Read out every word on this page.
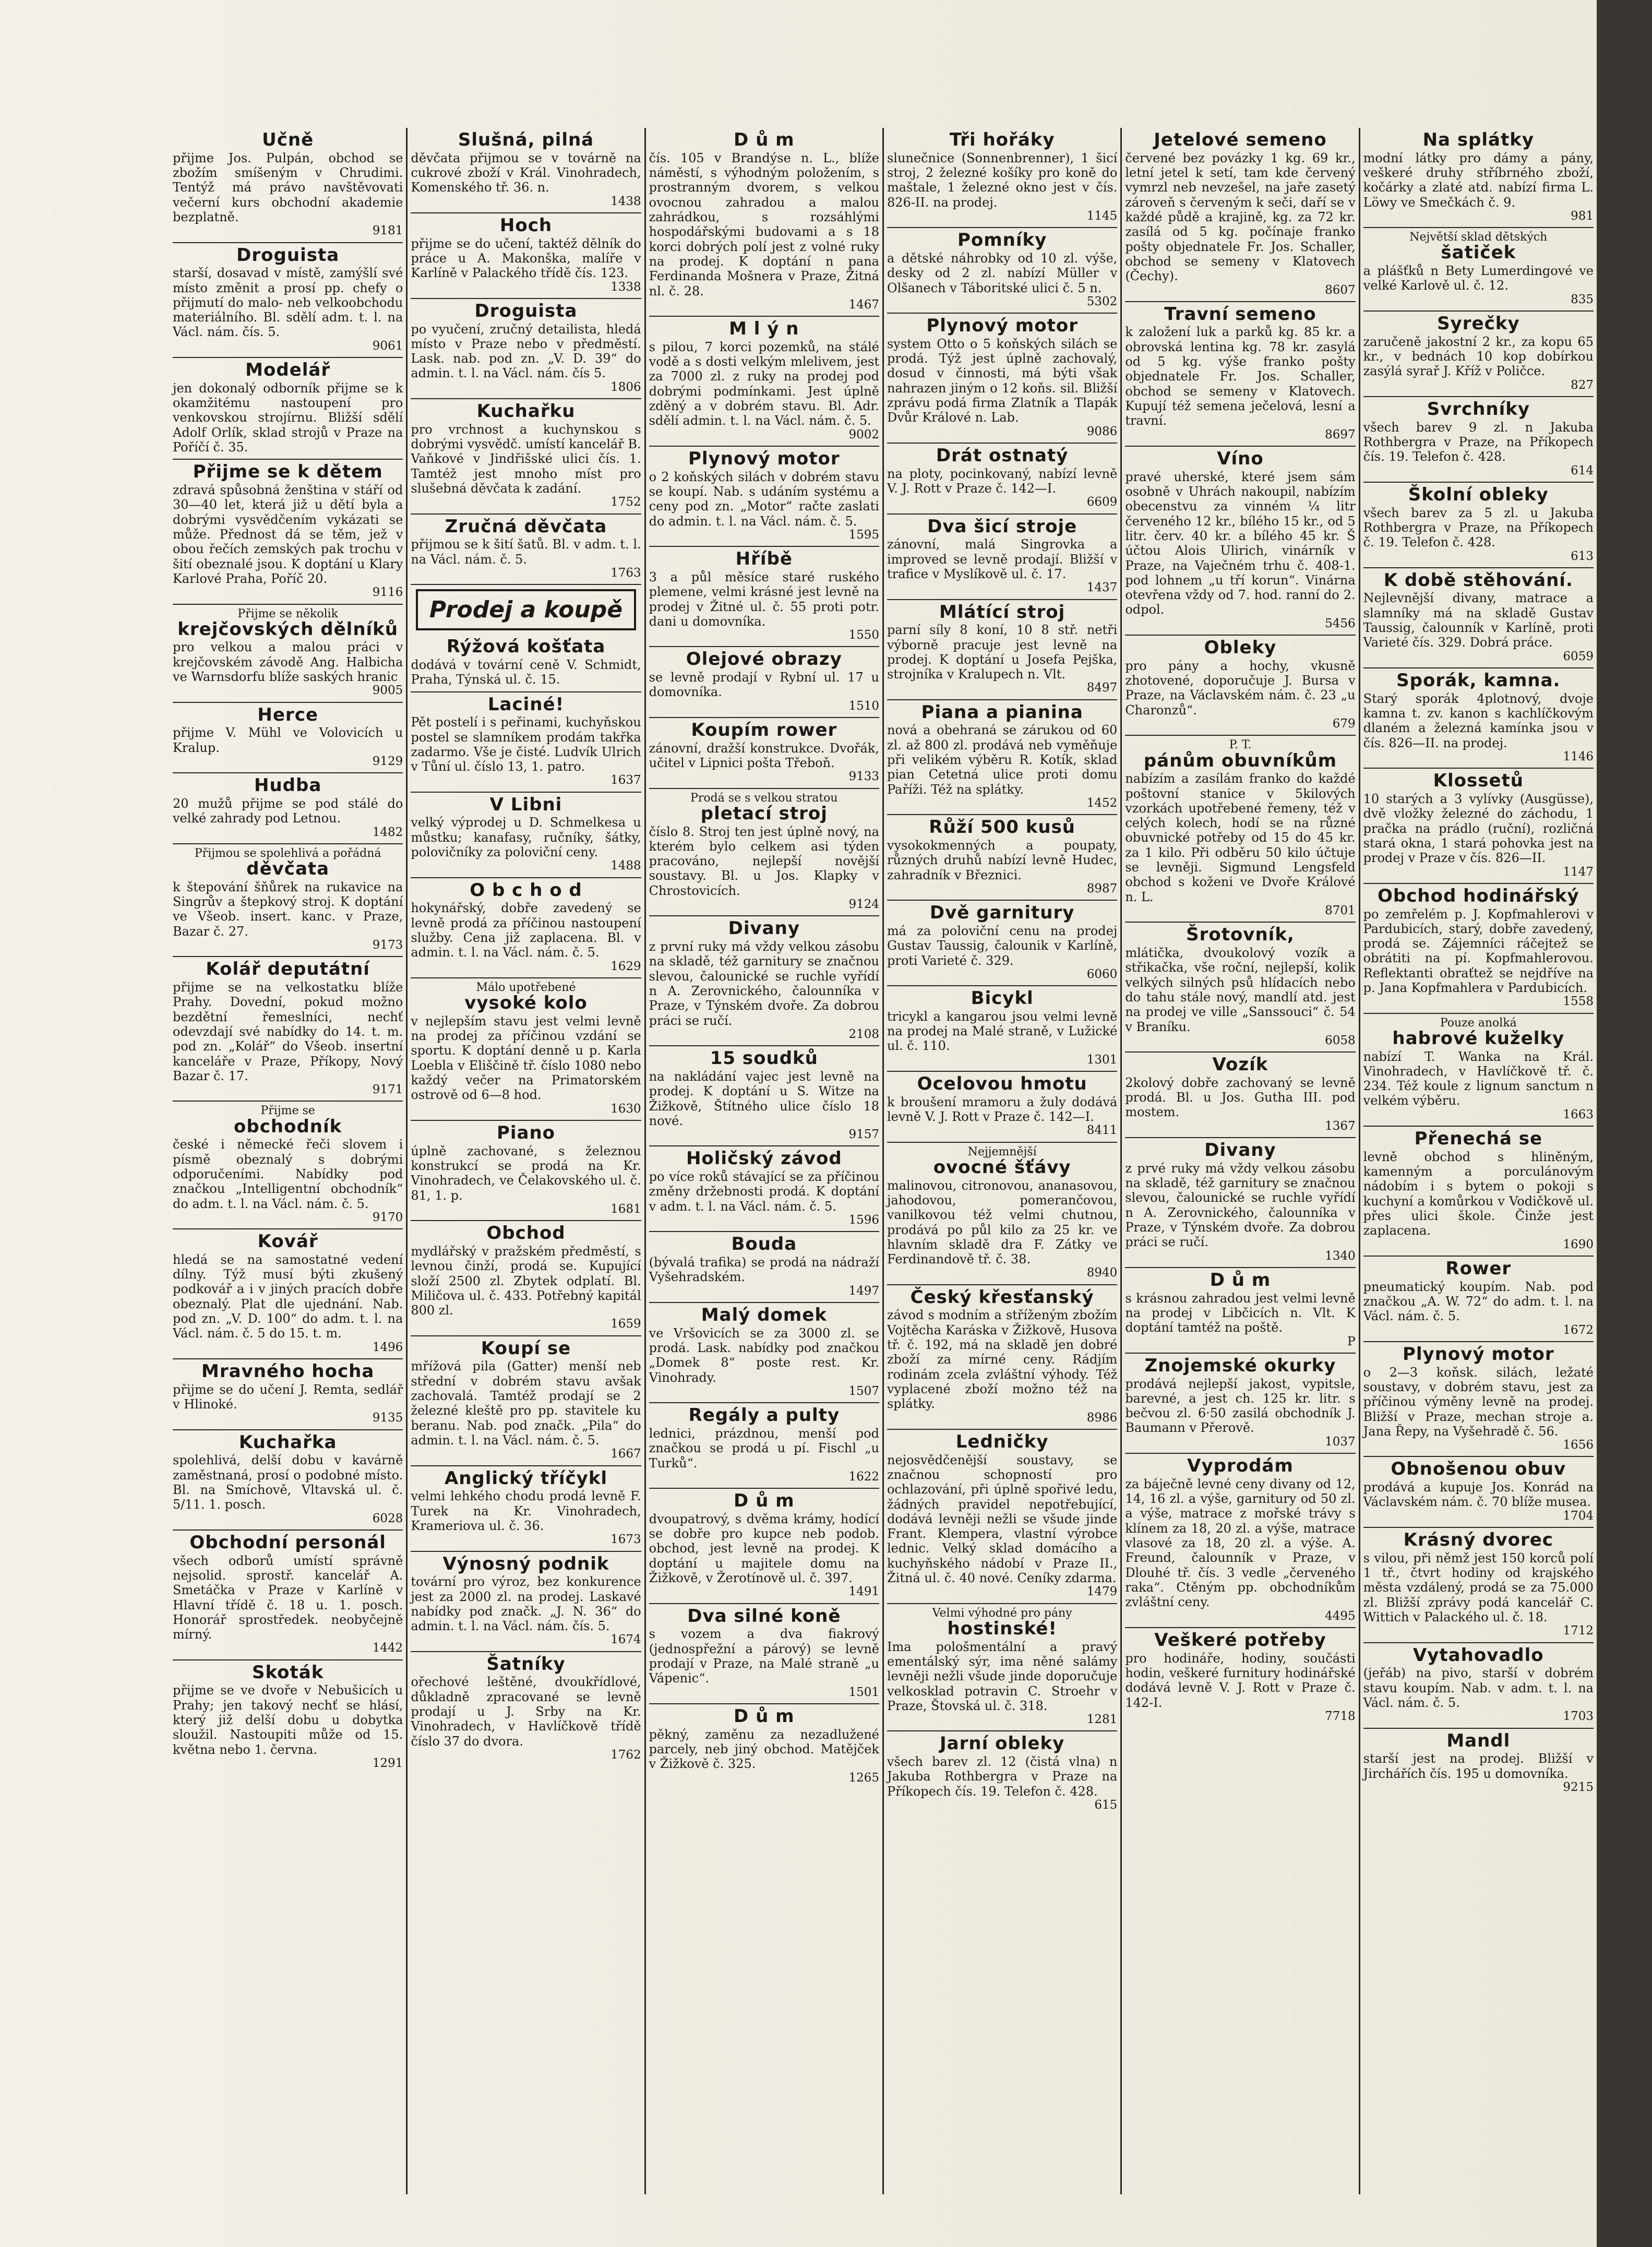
Učně

přijme Jos. Pulpán, obchod se zbožím smíšeným v Chrudimi. Tentýž má právo navštěvovati večerní kurs obchodní akademie bezplatně.

9181
Droguista

starší, dosavad v místě, zamýšlí své místo změnit a prosí pp. chefy o přijmutí do malo- neb velkoobchodu materiálního. Bl. sdělí adm. t. l. na Václ. nám. čís. 5.

9061
Modelář

jen dokonalý odborník přijme se k okamžitému nastoupení pro venkovskou strojírnu. Bližší sdělí Adolf Orlík, sklad strojů v Praze na Poříčí č. 35.

Přijme se k dětem

zdravá spůsobná ženština v stáří od 30—40 let, která již u dětí byla a dobrými vysvědčením vykázati se může. Přednost dá se těm, jež v obou řečích zemských pak trochu v šití obeznalé jsou. K doptání u Klary Karlové Praha, Poříč 20.

9116
Přijme se několik
krejčovských dělníků

pro velkou a malou práci v krejčovském závodě Ang. Halbicha ve Warnsdorfu blíže saských hranic

9005
Herce

přijme V. Mühl ve Volovicích u Kralup.

9129
Hudba

20 mužů přijme se pod stálé do velké zahrady pod Letnou.

1482
Přijmou se spolehlivá a pořádná
děvčata

k štepování šňůrek na rukavice na Singrův a štepkový stroj. K doptání ve Všeob. insert. kanc. v Praze, Bazar č. 27.

9173
Kolář deputátní

přijme se na velkostatku blíže Prahy. Dovední, pokud možno bezdětní řemeslníci, nechť odevzdají své nabídky do 14. t. m. pod zn. „Kolář“ do Všeob. insertní kanceláře v Praze, Příkopy, Nový Bazar č. 17.

9171
Přijme se
obchodník

české i německé řeči slovem i písmě obeznalý s dobrými odporučeními. Nabídky pod značkou „Intelligentní obchodník“ do adm. t. l. na Václ. nám. č. 5.

9170
Kovář

hledá se na samostatné vedení dílny. Týž musí býti zkušený podkovář a i v jiných pracích dobře obeznalý. Plat dle ujednání. Nab. pod zn. „V. D. 100“ do adm. t. l. na Václ. nám. č. 5 do 15. t. m.

1496
Mravného hocha

přijme se do učení J. Remta, sedlář v Hlinoké.

9135
Kuchařka

spolehlivá, delší dobu v kavárně zaměstnaná, prosí o podobné místo. Bl. na Smíchově, Vltavská ul. č. 5/11. 1. posch.

6028
Obchodní personál

všech odborů umístí správně nejsolid. sprostř. kancelář A. Smetáčka v Praze v Karlíně v Hlavní třídě č. 18 u. 1. posch. Honorář sprostředek. neobyčejně mírný.

1442
Skoták

přijme se ve dvoře v Nebušicích u Prahy; jen takový nechť se hlásí, který již delší dobu u dobytka sloužil. Nastoupiti může od 15. května nebo 1. června.

1291
Slušná, pilná

děvčata přijmou se v továrně na cukrové zboží v Král. Vinohradech, Komenského tř. 36. n.

1438
Hoch

přijme se do učení, taktéž dělník do práce u A. Makonška, malíře v Karlíně v Palackého třídě čís. 123.

1338
Droguista

po vyučení, zručný detailista, hledá místo v Praze nebo v předměstí. Lask. nab. pod zn. „V. D. 39“ do admin. t. l. na Václ. nám. čís 5.

1806
Kuchařku

pro vrchnost a kuchynskou s dobrými vysvědč. umístí kancelář B. Vaňkové v Jindřišské ulici čís. 1. Tamtéž jest mnoho míst pro slušebná děvčata k zadání.

1752
Zručná děvčata

přijmou se k šití šatů. Bl. v adm. t. l. na Václ. nám. č. 5.

1763
Prodej a koupě
Rýžová košťata

dodává v tovární ceně V. Schmidt, Praha, Týnská ul. č. 15.

Laciné!

Pět postelí i s peřinami, kuchyňskou postel se slamníkem prodám takřka zadarmo. Vše je čisté. Ludvík Ulrich v Tůní ul. číslo 13, 1. patro.

1637
V Libni

velký výprodej u D. Schmelkesa u můstku; kanafasy, ručníky, šátky, polovičníky za poloviční ceny.

1488
O b c h o d

hokynářský, dobře zavedený se levně prodá za příčinou nastoupení služby. Cena již zaplacena. Bl. v admin. t. l. na Václ. nám. č. 5.

1629
Málo upotřebené
vysoké kolo

v nejlepším stavu jest velmi levně na prodej za příčinou vzdání se sportu. K doptání denně u p. Karla Loebla v Eliščině tř. číslo 1080 nebo každý večer na Primatorském ostrově od 6—8 hod.

1630
Piano

úplně zachované, s železnou konstrukcí se prodá na Kr. Vinohradech, ve Čelakovského ul. č. 81, 1. p.

1681
Obchod

mydlářský v pražském předměstí, s levnou činží, prodá se. Kupující složí 2500 zl. Zbytek odplatí. Bl. Miličova ul. č. 433. Potřebný kapitál 800 zl.

1659
Koupí se

mřížová pila (Gatter) menší neb střední v dobrém stavu avšak zachovalá. Tamtéž prodají se 2 železné kleště pro pp. stavitele ku beranu. Nab. pod značk. „Pila“ do admin. t. l. na Václ. nám. č. 5.

1667
Anglický tříčykl

velmi lehkého chodu prodá levně F. Turek na Kr. Vinohradech, Krameriova ul. č. 36.

1673
Výnosný podnik

tovární pro výroz, bez konkurence jest za 2000 zl. na prodej. Laskavé nabídky pod značk. „J. N. 36“ do admin. t. l. na Václ. nám. čís. 5.

1674
Šatníky

ořechové leštěné, dvoukřídlové, důkladně zpracované se levně prodají u J. Srby na Kr. Vinohradech, v Havlíčkově třídě číslo 37 do dvora.

1762
D ů m

čís. 105 v Brandýse n. L., blíže náměstí, s výhodným položením, s prostranným dvorem, s velkou ovocnou zahradou a malou zahrádkou, s rozsáhlými hospodářskými budovami a s 18 korci dobrých polí jest z volné ruky na prodej. K doptání n pana Ferdinanda Mošnera v Praze, Žitná nl. č. 28.

1467
M l ý n

s pilou, 7 korci pozemků, na stálé vodě a s dosti velkým mlelivem, jest za 7000 zl. z ruky na prodej pod dobrými podmínkami. Jest úplně zděný a v dobrém stavu. Bl. Adr. sdělí admin. t. l. na Václ. nám. č. 5.

9002
Plynový motor

o 2 koňských silách v dobrém stavu se koupí. Nab. s udáním systému a ceny pod zn. „Motor“ račte zaslati do admin. t. l. na Václ. nám. č. 5.

1595
Hříbě

3 a půl měsíce staré ruského plemene, velmi krásné jest levně na prodej v Žitné ul. č. 55 proti potr. dani u domovníka.

1550
Olejové obrazy

se levně prodají v Rybní ul. 17 u domovníka.

1510
Koupím rower

zánovní, dražší konstrukce. Dvořák, učitel v Lipnici pošta Třeboň.

9133
Prodá se s velkou stratou
pletací stroj

číslo 8. Stroj ten jest úplně nový, na kterém bylo celkem asi týden pracováno, nejlepší novější soustavy. Bl. u Jos. Klapky v Chrostovicích.

9124
Divany

z první ruky má vždy velkou zásobu na skladě, též garnitury se značnou slevou, čalounické se ruchle vyřídí n A. Zerovnického, čalounníka v Praze, v Týnském dvoře. Za dobrou práci se ručí.

2108
15 soudků

na nakládání vajec jest levně na prodej. K doptání u S. Witze na Žižkově, Štítného ulice číslo 18 nové.

9157
Holičský závod

po více roků stávající se za příčinou změny držebnosti prodá. K doptání v adm. t. l. na Václ. nám. č. 5.

1596
Bouda

(bývalá trafika) se prodá na nádraží Vyšehradském.

1497
Malý domek

ve Vršovicích se za 3000 zl. se prodá. Lask. nabídky pod značkou „Domek 8“ poste rest. Kr. Vinohrady.

1507
Regály a pulty

lednici, prázdnou, menší pod značkou se prodá u pí. Fischl „u Turků“.

1622
D ů m

dvoupatrový, s dvěma krámy, hodící se dobře pro kupce neb podob. obchod, jest levně na prodej. K doptání u majitele domu na Žižkově, v Žerotínově ul. č. 397.

1491
Dva silné koně

s vozem a dva fiakrový (jednospřežní a párový) se levně prodají v Praze, na Malé straně „u Vápenic“.

1501
D ů m

pěkný, zaměnu za nezadlužené parcely, neb jiný obchod. Matějček v Žižkově č. 325.

1265
Tři hořáky

slunečnice (Sonnenbrenner), 1 šicí stroj, 2 železné košíky pro koně do maštale, 1 železné okno jest v čís. 826-II. na prodej.

1145
Pomníky

a dětské náhrobky od 10 zl. výše, desky od 2 zl. nabízí Müller v Olšanech v Táboritské ulici č. 5 n.

5302
Plynový motor

system Otto o 5 koňských silách se prodá. Týž jest úplně zachovalý, dosud v činnosti, má býti však nahrazen jiným o 12 koňs. sil. Bližší zprávu podá firma Zlatník a Tlapák Dvůr Králové n. Lab.

9086
Drát ostnatý

na ploty, pocinkovaný, nabízí levně V. J. Rott v Praze č. 142—I.

6609
Dva šicí stroje

zánovní, malá Singrovka a improved se levně prodají. Bližší v trafice v Myslíkově ul. č. 17.

1437
Mlátící stroj

parní síly 8 koní, 10 8 stř. netři výborně pracuje jest levně na prodej. K doptání u Josefa Pejška, strojníka v Kralupech n. Vlt.

8497
Piana a pianina

nová a obehraná se zárukou od 60 zl. až 800 zl. prodává neb vyměňuje při velikém výběru R. Kotík, sklad pian Cetetná ulice proti domu Paříži. Též na splátky.

1452
Růží 500 kusů

vysokokmenných a poupaty, různých druhů nabízí levně Hudec, zahradník v Březnici.

8987
Dvě garnitury

má za poloviční cenu na prodej Gustav Taussig, čalounik v Karlíně, proti Varieté č. 329.

6060
Bicykl

tricykl a kangarou jsou velmi levně na prodej na Malé straně, v Lužické ul. č. 110.

1301
Ocelovou hmotu

k broušení mramoru a žuly dodává levně V. J. Rott v Praze č. 142—I.

8411
Nejjemnější
ovocné šťávy

malinovou, citronovou, ananasovou, jahodovou, pomerančovou, vanilkovou též velmi chutnou, prodává po půl kilo za 25 kr. ve hlavním skladě dra F. Zátky ve Ferdinandově tř. č. 38.

8940
Český křesťanský

závod s modním a stříženým zbožím Vojtěcha Karáska v Žižkově, Husova tř. č. 192, má na skladě jen dobré zboží za mírné ceny. Rádjím rodinám zcela zvláštní výhody. Též vyplacené zboží možno též na splátky.

8986
Ledničky

nejosvědčenější soustavy, se značnou schopností pro ochlazování, při úplně spořivé ledu, žádných pravidel nepotřebující, dodává levněji nežli se všude jinde Frant. Klempera, vlastní výrobce lednic. Velký sklad domácího a kuchyňského nádobí v Praze II., Žitná ul. č. 40 nové. Ceníky zdarma.

1479
Velmi výhodné pro pány
hostinské!

Ima pološmentální a pravý ementálský sýr, ima něné salámy levněji nežli všude jinde doporučuje velkosklad potravin C. Stroehr v Praze, Štovská ul. č. 318.

1281
Jarní obleky

všech barev zl. 12 (čistá vlna) n Jakuba Rothbergra v Praze na Příkopech čís. 19. Telefon č. 428.

615
Jetelové semeno

červené bez povázky 1 kg. 69 kr., letní jetel k setí, tam kde červený vymrzl neb nevzešel, na jaře zasetý zároveň s červeným k seči, daří se v každé půdě a krajině, kg. za 72 kr. zasílá od 5 kg. počínaje franko pošty objednatele Fr. Jos. Schaller, obchod se semeny v Klatovech (Čechy).

8607
Travní semeno

k založení luk a parků kg. 85 kr. a obrovská lentina kg. 78 kr. zasylá od 5 kg. výše franko pošty objednatele Fr. Jos. Schaller, obchod se semeny v Klatovech. Kupují též semena ječelová, lesní a travní.

8697
Víno

pravé uherské, které jsem sám osobně v Uhrách nakoupil, nabízím obecenstvu za vinném ¼ litr červeného 12 kr., bílého 15 kr., od 5 litr. červ. 40 kr. a bílého 45 kr. Š účtou Alois Ulirich, vinárník v Praze, na Vaječném trhu č. 408-1. pod lohnem „u tří korun“. Vinárna otevřena vždy od 7. hod. ranní do 2. odpol.

5456
Obleky

pro pány a hochy, vkusně zhotovené, doporučuje J. Bursa v Praze, na Václavském nám. č. 23 „u Charonzů“.

679
P. T.
pánům obuvníkům

nabízím a zasílám franko do každé poštovní stanice v 5kilových vzorkách upotřebené řemeny, též v celých kolech, hodí se na různé obuvnické potřeby od 15 do 45 kr. za 1 kilo. Při odběru 50 kilo účtuje se levněji. Sigmund Lengsfeld obchod s koženi ve Dvoře Králové n. L.

8701
Šrotovník,

mlátička, dvoukolový vozík a střikačka, vše roční, nejlepší, kolik velkých silných psů hlídacích nebo do tahu stále nový, mandlí atd. jest na prodej ve ville „Sanssouci“ č. 54 v Braníku.

6058
Vozík

2kolový dobře zachovaný se levně prodá. Bl. u Jos. Gutha III. pod mostem.

1367
Divany

z prvé ruky má vždy velkou zásobu na skladě, též garnitury se značnou slevou, čalounické se ruchle vyřídí n A. Zerovnického, čalounníka v Praze, v Týnském dvoře. Za dobrou práci se ručí.

1340
D ů m

s krásnou zahradou jest velmi levně na prodej v Libčicích n. Vlt. K doptání tamtéž na poště.

P
Znojemské okurky

prodává nejlepší jakost, vypitsle, barevné, a jest ch. 125 kr. litr. s bečvou zl. 6·50 zasilá obchodník J. Baumann v Přerově.

1037
Vyprodám

za báječně levné ceny divany od 12, 14, 16 zl. a výše, garnitury od 50 zl. a výše, matrace z mořské trávy s klínem za 18, 20 zl. a výše, matrace vlasové za 18, 20 zl. a výše. A. Freund, čalounník v Praze, v Dlouhé tř. čís. 3 vedle „červeného raka“. Ctěným pp. obchodníkům zvláštní ceny.

4495
Veškeré potřeby

pro hodináře, hodiny, součásti hodin, veškeré furnitury hodinářské dodává levně V. J. Rott v Praze č. 142-I.

7718
Na splátky

modní látky pro dámy a pány, veškeré druhy stříbrného zboží, kočárky a zlaté atd. nabízí firma L. Löwy ve Smečkách č. 9.

981
Největší sklad dětských
šatiček

a plášťků n Bety Lumerdingové ve velké Karlově ul. č. 12.

835
Syrečky

zaručeně jakostní 2 kr., za kopu 65 kr., v bednách 10 kop dobírkou zasýlá syrař J. Kříž v Poličce.

827
Svrchníky

všech barev 9 zl. n Jakuba Rothbergra v Praze, na Příkopech čís. 19. Telefon č. 428.

614
Školní obleky

všech barev za 5 zl. u Jakuba Rothbergra v Praze, na Příkopech č. 19. Telefon č. 428.

613
K době stěhování.

Nejlevnější divany, matrace a slamníky má na skladě Gustav Taussig, čalounník v Karlíně, proti Varieté čís. 329. Dobrá práce.

6059
Sporák, kamna.

Starý sporák 4plotnový, dvoje kamna t. zv. kanon s kachlíčkovým dlaném a železná kamínka jsou v čís. 826—II. na prodej.

1146
Klossetů

10 starých a 3 vylívky (Ausgüsse), dvě vložky železné do záchodu, 1 pračka na prádlo (ruční), rozličná stará okna, 1 stará pohovka jest na prodej v Praze v čís. 826—II.

1147
Obchod hodinářský

po zemřelém p. J. Kopfmahlerovi v Pardubicích, starý, dobře zavedený, prodá se. Zájemníci ráčejtež se obrátiti na pí. Kopfmahlerovou. Reflektanti obraťtež se nejdříve na p. Jana Kopfmahlera v Pardubicích.

1558
Pouze anolká
habrové kuželky

nabízí T. Wanka na Král. Vinohradech, v Havlíčkově tř. č. 234. Též koule z lignum sanctum n velkém výběru.

1663
Přenechá se

levně obchod s hliněným, kamenným a porculánovým nádobím i s bytem o pokoji s kuchyní a komůrkou v Vodičkově ul. přes ulici škole. Činže jest zaplacena.

1690
Rower

pneumatický koupím. Nab. pod značkou „A. W. 72“ do adm. t. l. na Václ. nám. č. 5.

1672
Plynový motor

o 2—3 koňsk. silách, ležaté soustavy, v dobrém stavu, jest za příčinou výměny levně na prodej. Bližší v Praze, mechan stroje a. Jana Řepy, na Vyšehradě č. 56.

1656
Obnošenou obuv

prodává a kupuje Jos. Konrád na Václavském nám. č. 70 blíže musea.

1704
Krásný dvorec

s vilou, při němž jest 150 korců polí 1 tř., čtvrt hodiny od krajského města vzdálený, prodá se za 75.000 zl. Bližší zprávy podá kancelář C. Wittich v Palackého ul. č. 18.

1712
Vytahovadlo

(jeřáb) na pivo, starší v dobrém stavu koupím. Nab. v adm. t. l. na Václ. nám. č. 5.

1703
Mandl

starší jest na prodej. Bližší v Jirchářích čís. 195 u domovníka.

9215
